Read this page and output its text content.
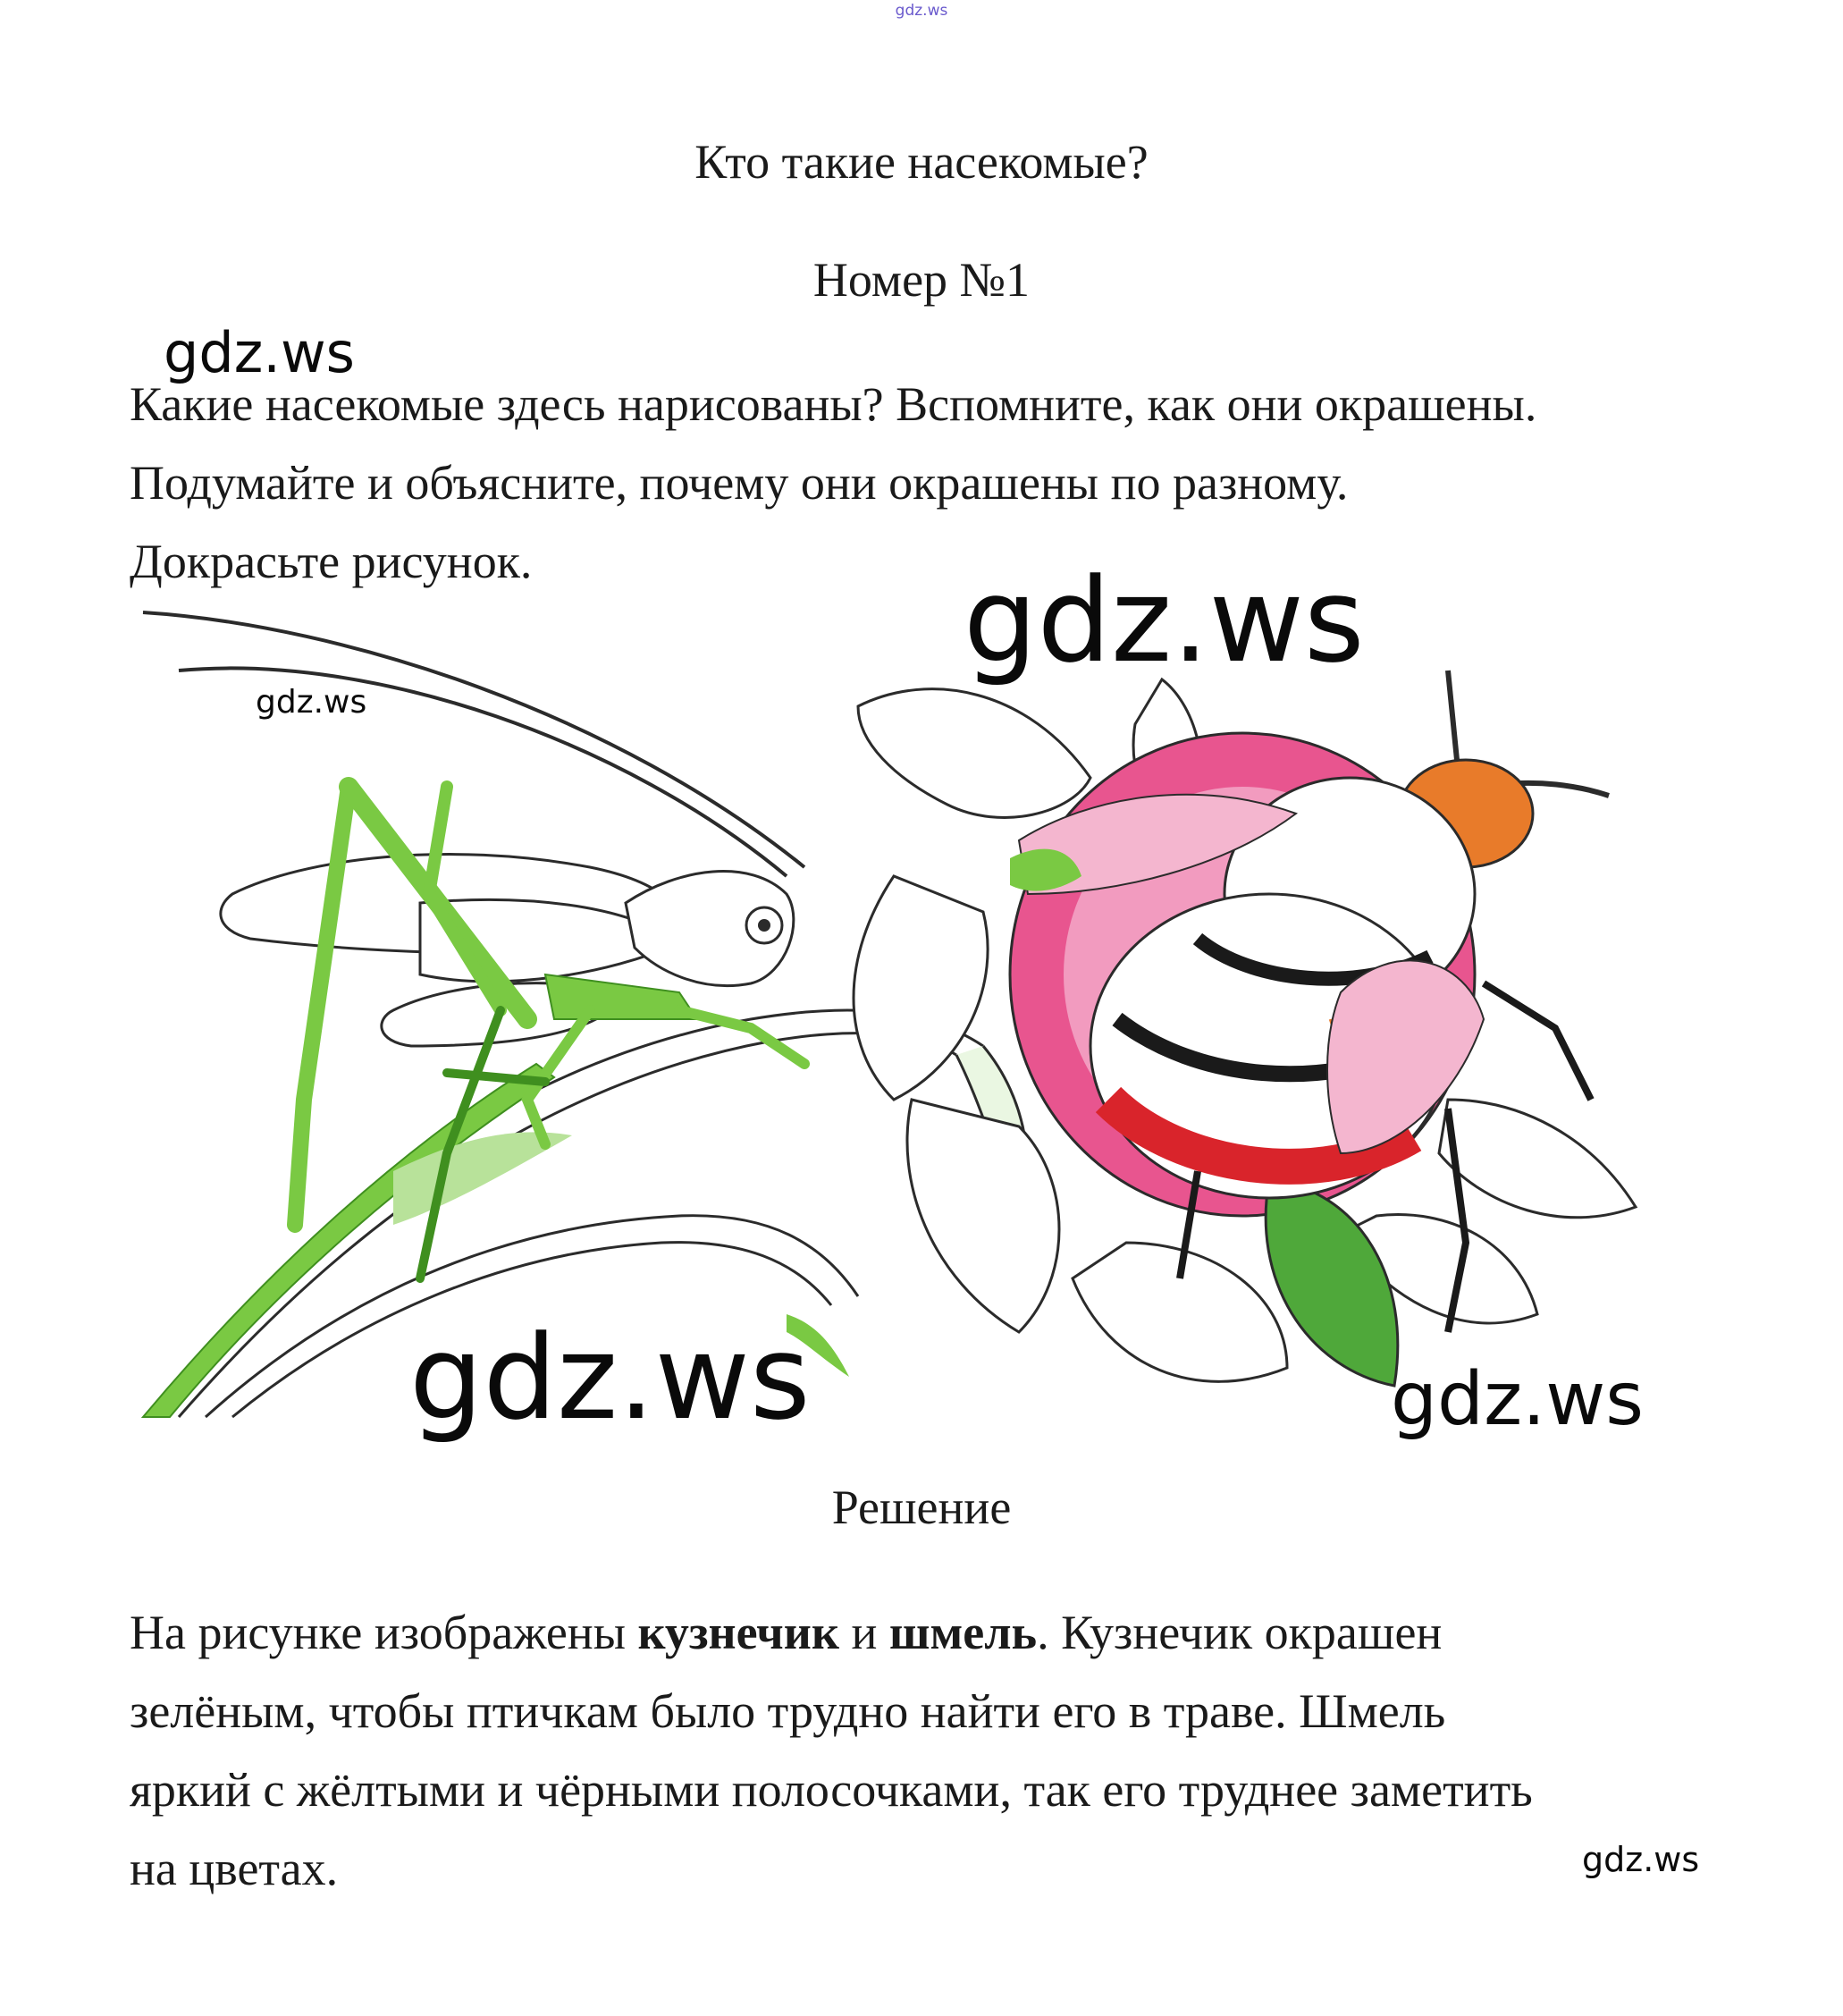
gdz.ws
Кто такие насекомые?
Номер №1

Какие насекомые здесь нарисованы? Вспомните, как они окрашены.

Подумайте и объясните, почему они окрашены по разному.

Докрасьте рисунок.

gdz.ws
gdz.ws
gdz.ws
gdz.ws	gdz.ws
gdz.ws
Решение

На рисунке изображены кузнечик и шмель. Кузнечик окрашен

зелёным, чтобы птичкам было трудно найти его в траве. Шмель

яркий с жёлтыми и чёрными полосочками, так его труднее заметить

на цветах.
